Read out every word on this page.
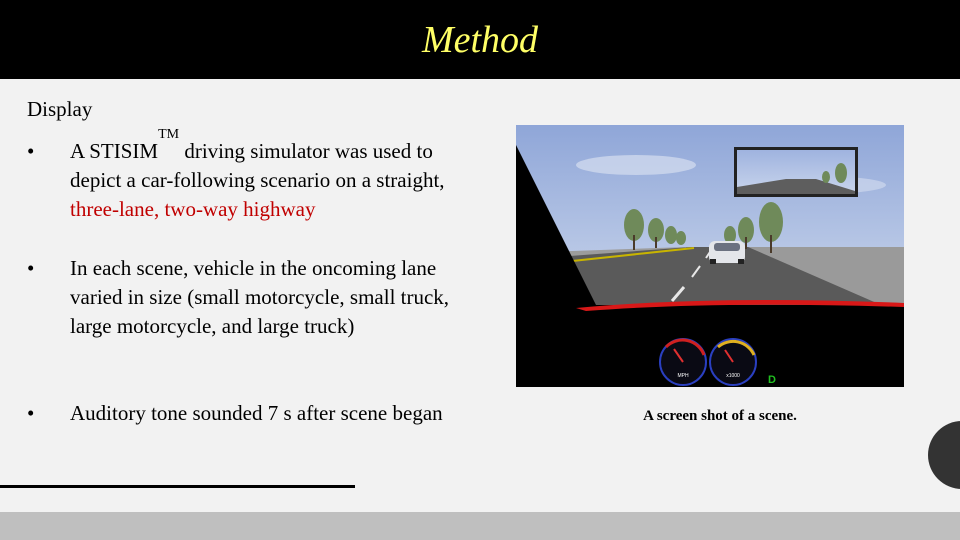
Method
Display
• A STISIM™ driving simulator was used to depict a car-following scenario on a straight, three-lane, two-way highway
• In each scene, vehicle in the oncoming lane varied in size (small motorcycle, small truck, large motorcycle, and large truck)
• Auditory tone sounded 7 s after scene began
MPH	x1000	D
A screen shot of a scene.
